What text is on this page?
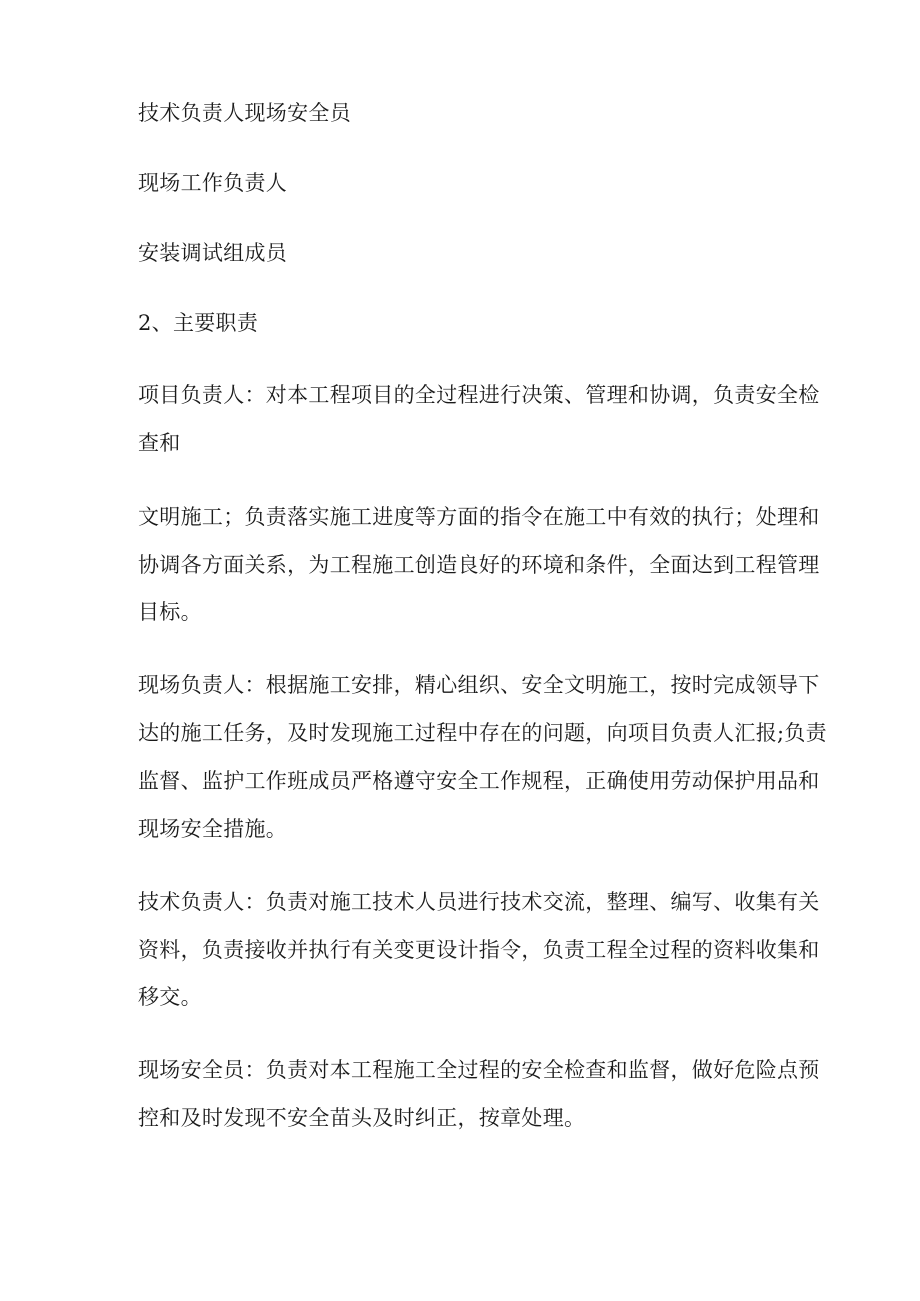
技术负责人现场安全员
现场工作负责人
安装调试组成员
2、主要职责
项目负责人：对本工程项目的全过程进行决策、管理和协调，负责安全检
查和
文明施工；负责落实施工进度等方面的指令在施工中有效的执行；处理和
协调各方面关系，为工程施工创造良好的环境和条件，全面达到工程管理
目标。
现场负责人：根据施工安排，精心组织、安全文明施工，按时完成领导下
达的施工任务，及时发现施工过程中存在的问题，向项目负责人汇报;负责
监督、监护工作班成员严格遵守安全工作规程，正确使用劳动保护用品和
现场安全措施。
技术负责人：负责对施工技术人员进行技术交流，整理、编写、收集有关
资料，负责接收并执行有关变更设计指令，负责工程全过程的资料收集和
移交。
现场安全员：负责对本工程施工全过程的安全检查和监督，做好危险点预
控和及时发现不安全苗头及时纠正，按章处理。
